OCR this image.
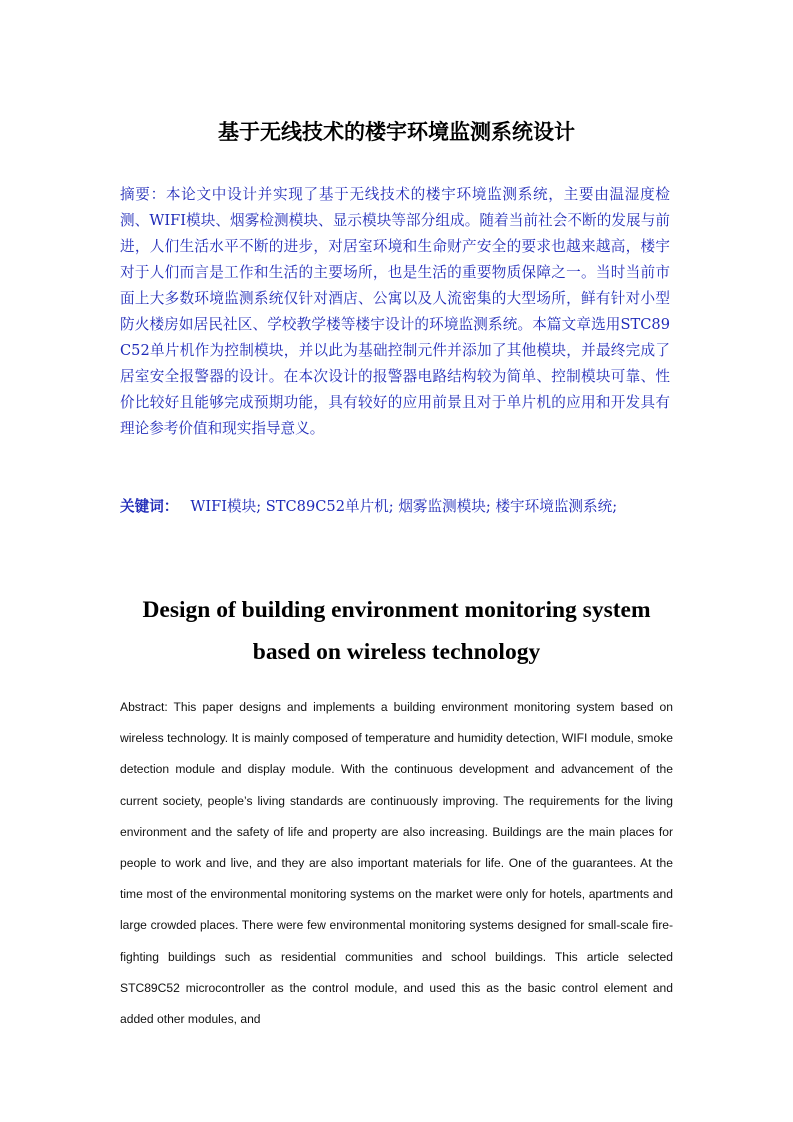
基于无线技术的楼宇环境监测系统设计
摘要：本论文中设计并实现了基于无线技术的楼宇环境监测系统，主要由温湿度检测、WIFI模块、烟雾检测模块、显示模块等部分组成。随着当前社会不断的发展与前进，人们生活水平不断的进步，对居室环境和生命财产安全的要求也越来越高，楼宇对于人们而言是工作和生活的主要场所，也是生活的重要物质保障之一。当时当前市面上大多数环境监测系统仅针对酒店、公寓以及人流密集的大型场所，鲜有针对小型防火楼房如居民社区、学校教学楼等楼宇设计的环境监测系统。本篇文章选用STC89C52单片机作为控制模块，并以此为基础控制元件并添加了其他模块，并最终完成了居室安全报警器的设计。在本次设计的报警器电路结构较为简单、控制模块可靠、性价比较好且能够完成预期功能，具有较好的应用前景且对于单片机的应用和开发具有理论参考价值和现实指导意义。
关键词： WIFI模块; STC89C52单片机; 烟雾监测模块; 楼宇环境监测系统;
Design of building environment monitoring system
based on wireless technology
Abstract: This paper designs and implements a building environment monitoring system based on wireless technology. It is mainly composed of temperature and humidity detection, WIFI module, smoke detection module and display module. With the continuous development and advancement of the current society, people’s living standards are continuously improving. The requirements for the living environment and the safety of life and property are also increasing. Buildings are the main places for people to work and live, and they are also important materials for life. One of the guarantees. At the time most of the environmental monitoring systems on the market were only for hotels, apartments and large crowded places. There were few environmental monitoring systems designed for small-scale fire-fighting buildings such as residential communities and school buildings. This article selected STC89C52 microcontroller as the control module, and used this as the basic control element and added other modules, and
